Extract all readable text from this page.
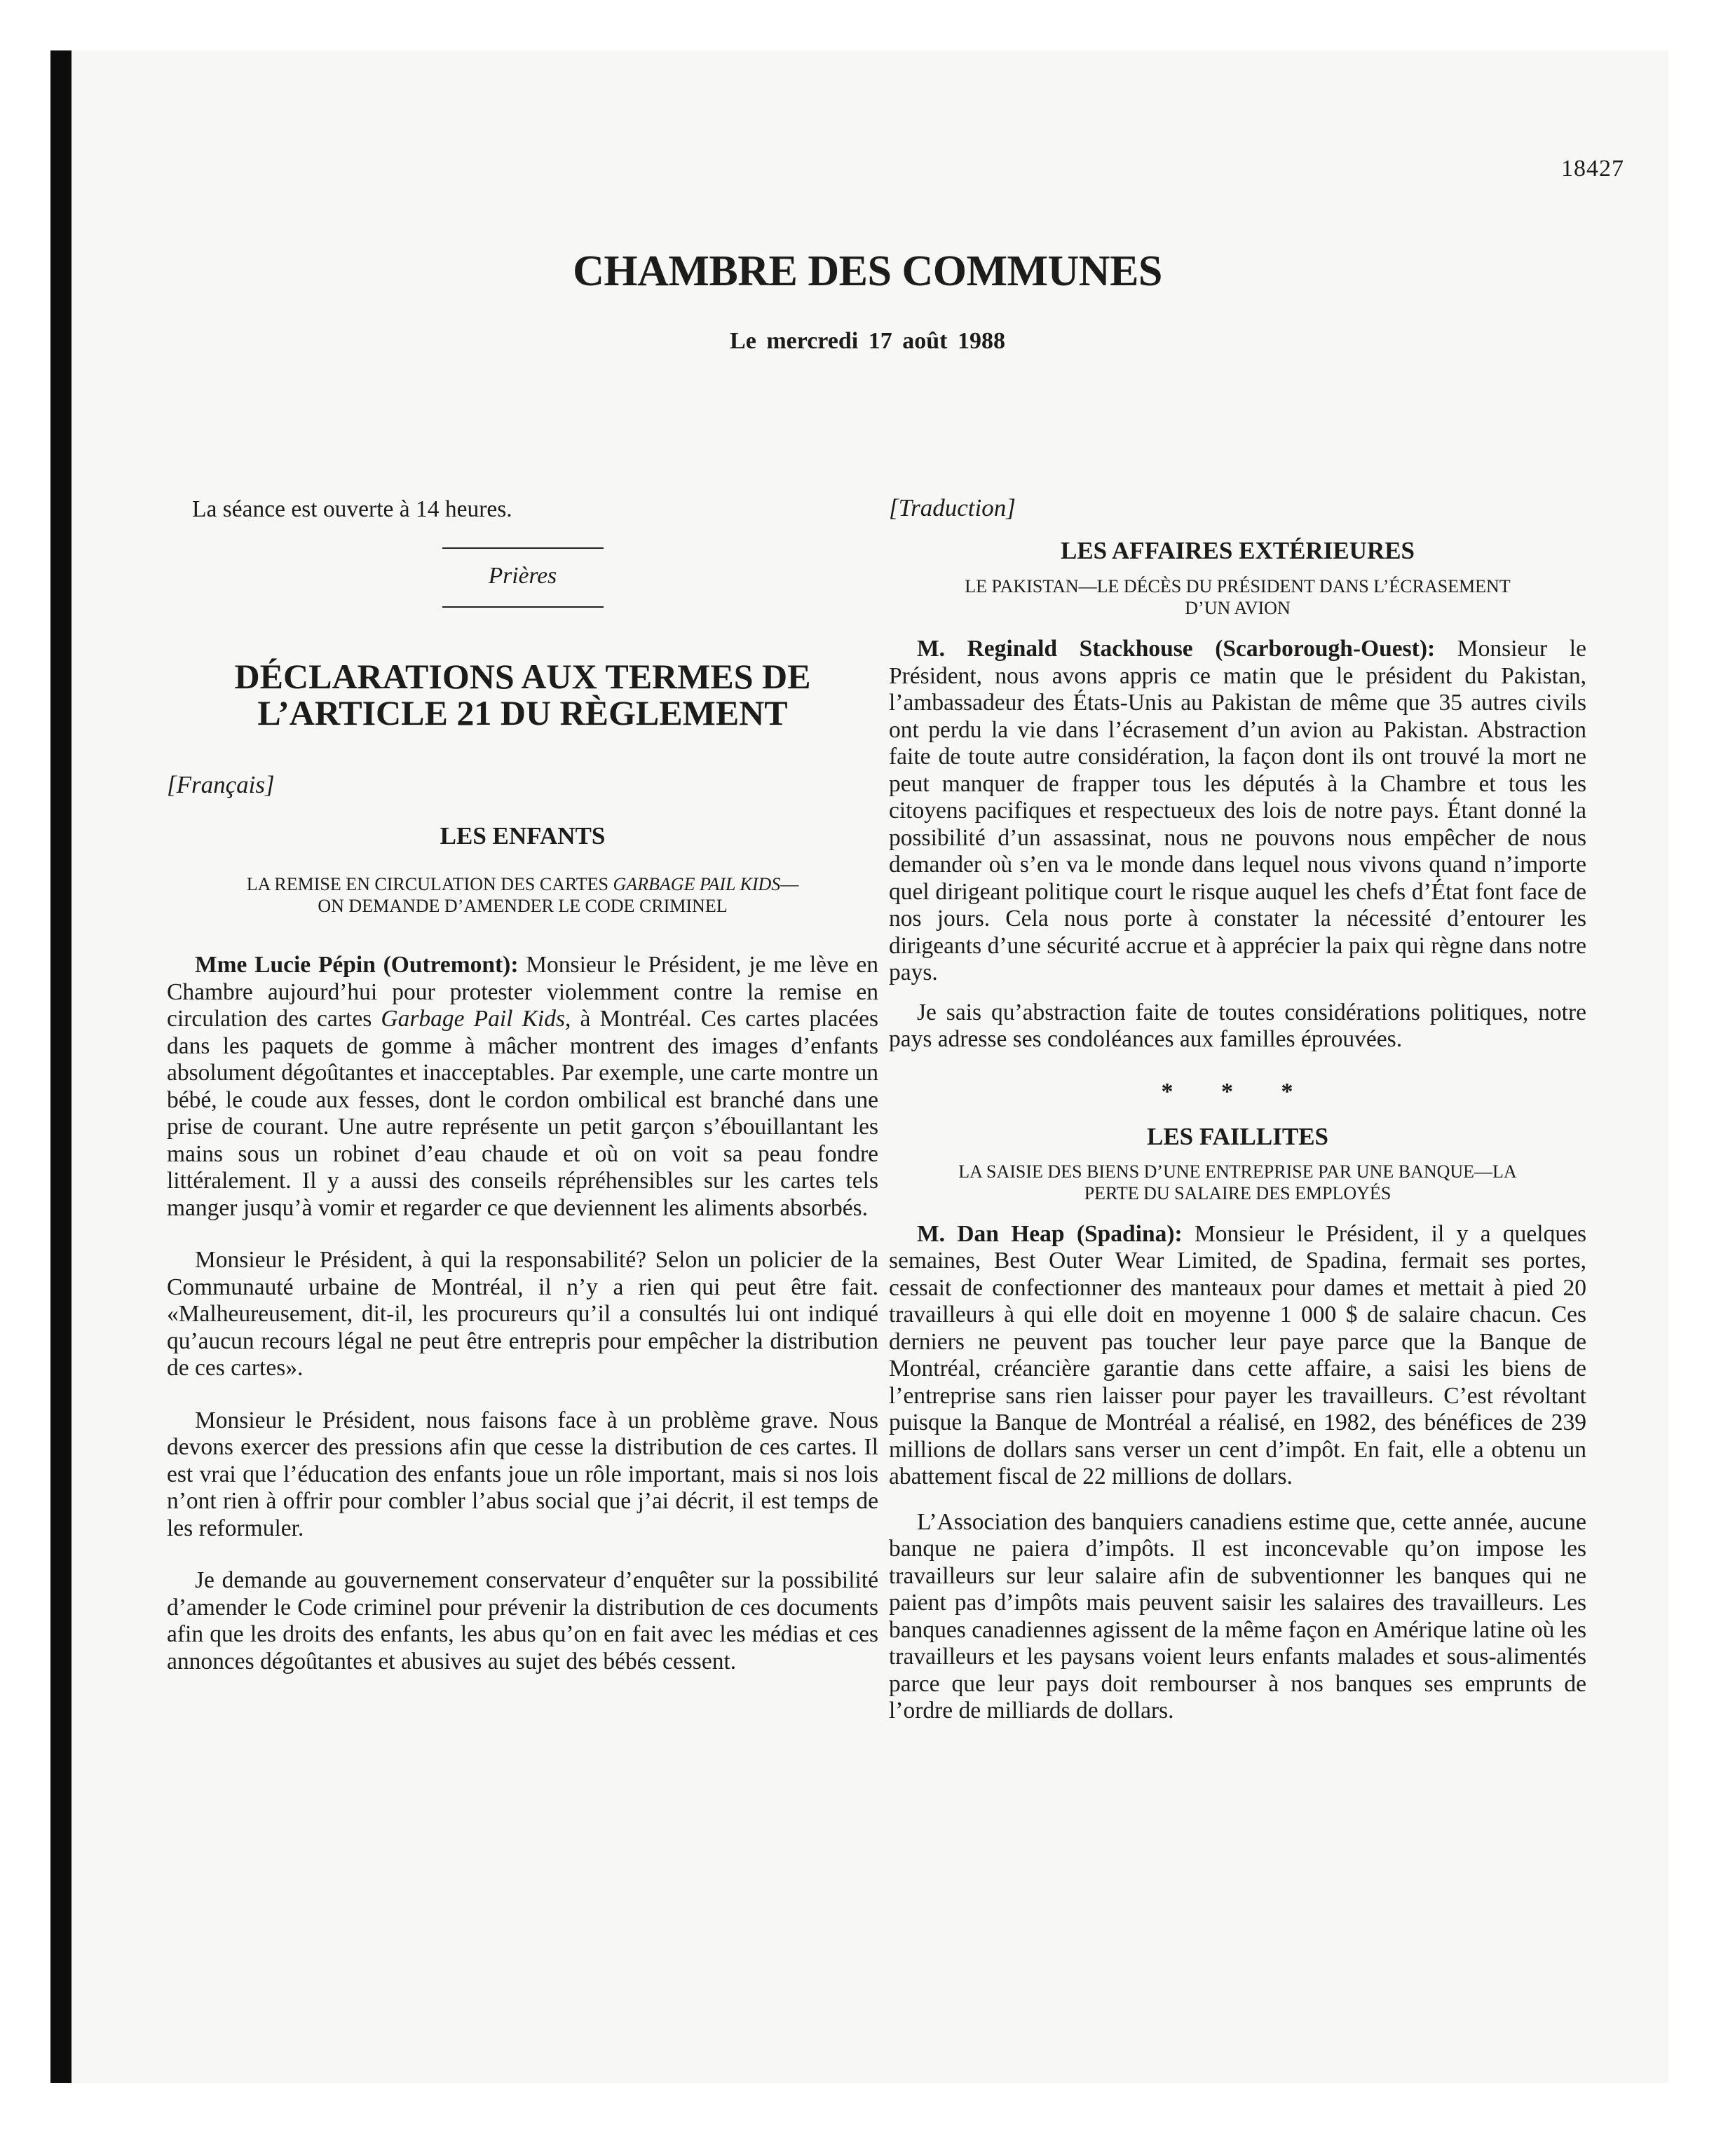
18427
CHAMBRE DES COMMUNES

Le mercredi 17 août 1988

La séance est ouverte à 14 heures.

Prières

DÉCLARATIONS AUX TERMES DE

L’ARTICLE 21 DU RÈGLEMENT

[Français]

LES ENFANTS

LA REMISE EN CIRCULATION DES CARTES GARBAGE PAIL KIDS—

ON DEMANDE D’AMENDER LE CODE CRIMINEL

Mme Lucie Pépin (Outremont): Monsieur le Président, je me lève en Chambre aujourd’hui pour protester violemment contre la remise en circulation des cartes Garbage Pail Kids, à Montréal. Ces cartes placées dans les paquets de gomme à mâcher montrent des images d’enfants absolument dégoûtantes et inacceptables. Par exemple, une carte montre un bébé, le coude aux fesses, dont le cordon ombilical est branché dans une prise de courant. Une autre représente un petit garçon s’ébouillantant les mains sous un robinet d’eau chaude et où on voit sa peau fondre littéralement. Il y a aussi des conseils répréhensibles sur les cartes tels manger jusqu’à vomir et regarder ce que deviennent les aliments absorbés.

Monsieur le Président, à qui la responsabilité? Selon un policier de la Communauté urbaine de Montréal, il n’y a rien qui peut être fait. «Malheureusement, dit-il, les procureurs qu’il a consultés lui ont indiqué qu’aucun recours légal ne peut être entrepris pour empêcher la distribution de ces cartes».

Monsieur le Président, nous faisons face à un problème grave. Nous devons exercer des pressions afin que cesse la distribution de ces cartes. Il est vrai que l’éducation des enfants joue un rôle important, mais si nos lois n’ont rien à offrir pour combler l’abus social que j’ai décrit, il est temps de les reformuler.

Je demande au gouvernement conservateur d’enquêter sur la possibilité d’amender le Code criminel pour prévenir la distribution de ces documents afin que les droits des enfants, les abus qu’on en fait avec les médias et ces annonces dégoûtantes et abusives au sujet des bébés cessent.

[Traduction]

LES AFFAIRES EXTÉRIEURES

LE PAKISTAN—LE DÉCÈS DU PRÉSIDENT DANS L’ÉCRASEMENT

D’UN AVION

M. Reginald Stackhouse (Scarborough-Ouest): Monsieur le Président, nous avons appris ce matin que le président du Pakistan, l’ambassadeur des États-Unis au Pakistan de même que 35 autres civils ont perdu la vie dans l’écrasement d’un avion au Pakistan. Abstraction faite de toute autre considération, la façon dont ils ont trouvé la mort ne peut manquer de frapper tous les députés à la Chambre et tous les citoyens pacifiques et respectueux des lois de notre pays. Étant donné la possibilité d’un assassinat, nous ne pouvons nous empêcher de nous demander où s’en va le monde dans lequel nous vivons quand n’importe quel dirigeant politique court le risque auquel les chefs d’État font face de nos jours. Cela nous porte à constater la nécessité d’entourer les dirigeants d’une sécurité accrue et à apprécier la paix qui règne dans notre pays.

Je sais qu’abstraction faite de toutes considérations politiques, notre pays adresse ses condoléances aux familles éprouvées.

* * *

LES FAILLITES

LA SAISIE DES BIENS D’UNE ENTREPRISE PAR UNE BANQUE—LA

PERTE DU SALAIRE DES EMPLOYÉS

M. Dan Heap (Spadina): Monsieur le Président, il y a quelques semaines, Best Outer Wear Limited, de Spadina, fermait ses portes, cessait de confectionner des manteaux pour dames et mettait à pied 20 travailleurs à qui elle doit en moyenne 1 000 $ de salaire chacun. Ces derniers ne peuvent pas toucher leur paye parce que la Banque de Montréal, créancière garantie dans cette affaire, a saisi les biens de l’entreprise sans rien laisser pour payer les travailleurs. C’est révoltant puisque la Banque de Montréal a réalisé, en 1982, des bénéfices de 239 millions de dollars sans verser un cent d’impôt. En fait, elle a obtenu un abattement fiscal de 22 millions de dollars.

L’Association des banquiers canadiens estime que, cette année, aucune banque ne paiera d’impôts. Il est inconcevable qu’on impose les travailleurs sur leur salaire afin de subventionner les banques qui ne paient pas d’impôts mais peuvent saisir les salaires des travailleurs. Les banques canadiennes agissent de la même façon en Amérique latine où les travailleurs et les paysans voient leurs enfants malades et sous-alimentés parce que leur pays doit rembourser à nos banques ses emprunts de l’ordre de milliards de dollars.
